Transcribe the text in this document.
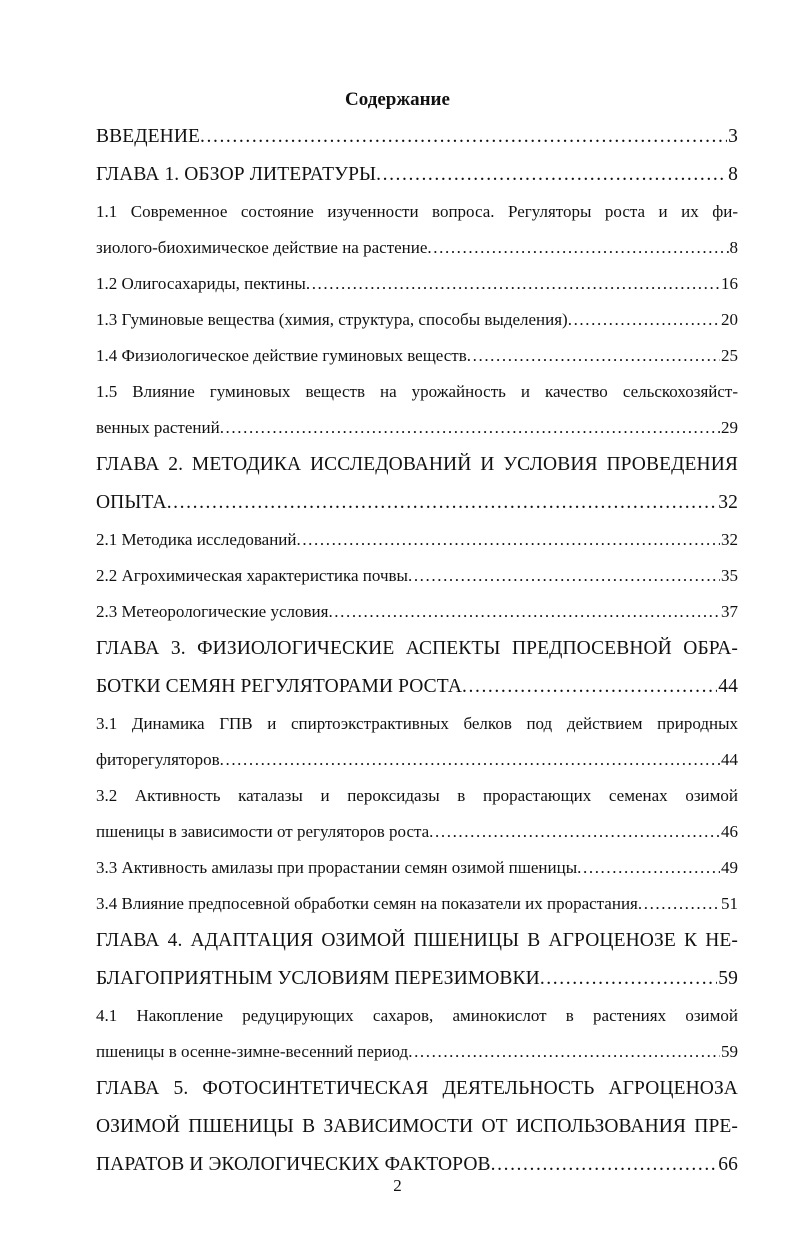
Содержание
ВВЕДЕНИЕ .....	3
ГЛАВА 1. ОБЗОР ЛИТЕРАТУРЫ .....	8
1.1 Современное состояние изученности вопроса. Регуляторы роста и их фи-
зиолого-биохимическое действие на растение .....	8
1.2 Олигосахариды, пектины .....	16
1.3 Гуминовые вещества (химия, структура, способы выделения) .....	20
1.4 Физиологическое действие гуминовых веществ .....	25
1.5 Влияние гуминовых веществ на урожайность и качество сельскохозяйст-
венных растений .....	29
ГЛАВА 2. МЕТОДИКА ИССЛЕДОВАНИЙ И УСЛОВИЯ ПРОВЕДЕНИЯ
ОПЫТА .....	32
2.1 Методика исследований .....	32
2.2 Агрохимическая характеристика почвы .....	35
2.3 Метеорологические условия .....	37
ГЛАВА 3. ФИЗИОЛОГИЧЕСКИЕ АСПЕКТЫ ПРЕДПОСЕВНОЙ ОБРА-
БОТКИ СЕМЯН РЕГУЛЯТОРАМИ РОСТА .....	44
3.1 Динамика ГПВ и спиртоэкстрактивных белков под действием природных
фиторегуляторов .....	44
3.2 Активность каталазы и пероксидазы в прорастающих семенах озимой
пшеницы в зависимости от регуляторов роста .....	46
3.3 Активность амилазы при прорастании семян озимой пшеницы .....	49
3.4 Влияние предпосевной обработки семян на показатели их прорастания .....	51
ГЛАВА 4. АДАПТАЦИЯ ОЗИМОЙ ПШЕНИЦЫ В АГРОЦЕНОЗЕ К НЕ-
БЛАГОПРИЯТНЫМ УСЛОВИЯМ ПЕРЕЗИМОВКИ .....	59
4.1 Накопление редуцирующих сахаров, аминокислот в растениях озимой
пшеницы в осенне-зимне-весенний период .....	59
ГЛАВА 5. ФОТОСИНТЕТИЧЕСКАЯ ДЕЯТЕЛЬНОСТЬ АГРОЦЕНОЗА
ОЗИМОЙ ПШЕНИЦЫ В ЗАВИСИМОСТИ ОТ ИСПОЛЬЗОВАНИЯ ПРЕ-
ПАРАТОВ И ЭКОЛОГИЧЕСКИХ ФАКТОРОВ .....	66
2
